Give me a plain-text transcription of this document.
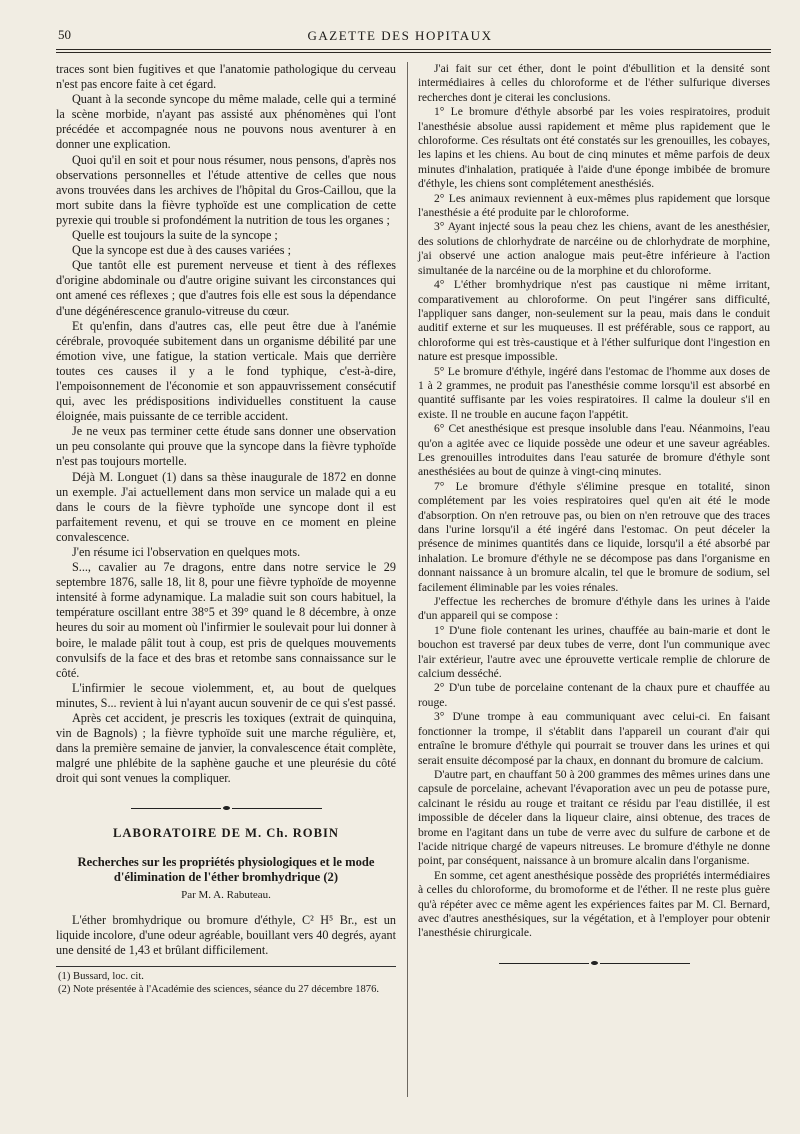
50	GAZETTE DES HOPITAUX

traces sont bien fugitives et que l'anatomie pathologique du cerveau n'est pas encore faite à cet égard.

Quant à la seconde syncope du même malade, celle qui a terminé la scène morbide, n'ayant pas assisté aux phénomènes qui l'ont précédée et accompagnée nous ne pouvons nous aventurer à en donner une explication.

Quoi qu'il en soit et pour nous résumer, nous pensons, d'après nos observations personnelles et l'étude attentive de celles que nous avons trouvées dans les archives de l'hôpital du Gros-Caillou, que la mort subite dans la fièvre typhoïde est une complication de cette pyrexie qui trouble si profondément la nutrition de tous les organes ;

Quelle est toujours la suite de la syncope ;

Que la syncope est due à des causes variées ;

Que tantôt elle est purement nerveuse et tient à des réflexes d'origine abdominale ou d'autre origine suivant les circonstances qui ont amené ces réflexes ; que d'autres fois elle est sous la dépendance d'une dégénérescence granulo-vitreuse du cœur.

Et qu'enfin, dans d'autres cas, elle peut être due à l'anémie cérébrale, provoquée subitement dans un organisme débilité par une émotion vive, une fatigue, la station verticale. Mais que derrière toutes ces causes il y a le fond typhique, c'est-à-dire, l'empoisonnement de l'économie et son appauvrissement consécutif qui, avec les prédispositions individuelles constituent la cause éloignée, mais puissante de ce terrible accident.

Je ne veux pas terminer cette étude sans donner une observation un peu consolante qui prouve que la syncope dans la fièvre typhoïde n'est pas toujours mortelle.

Déjà M. Longuet (1) dans sa thèse inaugurale de 1872 en donne un exemple. J'ai actuellement dans mon service un malade qui a eu dans le cours de la fièvre typhoïde une syncope dont il est parfaitement revenu, et qui se trouve en ce moment en pleine convalescence.

J'en résume ici l'observation en quelques mots.

S..., cavalier au 7e dragons, entre dans notre service le 29 septembre 1876, salle 18, lit 8, pour une fièvre typhoïde de moyenne intensité à forme adynamique. La maladie suit son cours habituel, la température oscillant entre 38°5 et 39° quand le 8 décembre, à onze heures du soir au moment où l'infirmier le soulevait pour lui donner à boire, le malade pâlit tout à coup, est pris de quelques mouvements convulsifs de la face et des bras et retombe sans connaissance sur le côté.

L'infirmier le secoue violemment, et, au bout de quelques minutes, S... revient à lui n'ayant aucun souvenir de ce qui s'est passé.

Après cet accident, je prescris les toxiques (extrait de quinquina, vin de Bagnols) ; la fièvre typhoïde suit une marche régulière, et, dans la première semaine de janvier, la convalescence était complète, malgré une phlébite de la saphène gauche et une pleurésie du côté droit qui sont venues la compliquer.

LABORATOIRE DE M. Ch. ROBIN
Recherches sur les propriétés physiologiques et le mode d'élimination de l'éther bromhydrique (2)
Par M. A. Rabuteau.

L'éther bromhydrique ou bromure d'éthyle, C² H⁵ Br., est un liquide incolore, d'une odeur agréable, bouillant vers 40 degrés, ayant une densité de 1,43 et brûlant difficilement.

(1) Bussard, loc. cit.
(2) Note présentée à l'Académie des sciences, séance du 27 décembre 1876.

J'ai fait sur cet éther, dont le point d'ébullition et la densité sont intermédiaires à celles du chloroforme et de l'éther sulfurique diverses recherches dont je citerai les conclusions.

1° Le bromure d'éthyle absorbé par les voies respiratoires, produit l'anesthésie absolue aussi rapidement et même plus rapidement que le chloroforme. Ces résultats ont été constatés sur les grenouilles, les cobayes, les lapins et les chiens. Au bout de cinq minutes et même parfois de deux minutes d'inhalation, pratiquée à l'aide d'une éponge imbibée de bromure d'éthyle, les chiens sont complétement anesthésiés.

2° Les animaux reviennent à eux-mêmes plus rapidement que lorsque l'anesthésie a été produite par le chloroforme.

3° Ayant injecté sous la peau chez les chiens, avant de les anesthésier, des solutions de chlorhydrate de narcéine ou de chlorhydrate de morphine, j'ai observé une action analogue mais peut-être inférieure à l'action simultanée de la narcéine ou de la morphine et du chloroforme.

4° L'éther bromhydrique n'est pas caustique ni même irritant, comparativement au chloroforme. On peut l'ingérer sans difficulté, l'appliquer sans danger, non-seulement sur la peau, mais dans le conduit auditif externe et sur les muqueuses. Il est préférable, sous ce rapport, au chloroforme qui est très-caustique et à l'éther sulfurique dont l'ingestion en nature est presque impossible.

5° Le bromure d'éthyle, ingéré dans l'estomac de l'homme aux doses de 1 à 2 grammes, ne produit pas l'anesthésie comme lorsqu'il est absorbé en quantité suffisante par les voies respiratoires. Il calme la douleur s'il en existe. Il ne trouble en aucune façon l'appétit.

6° Cet anesthésique est presque insoluble dans l'eau. Néanmoins, l'eau qu'on a agitée avec ce liquide possède une odeur et une saveur agréables. Les grenouilles introduites dans l'eau saturée de bromure d'éthyle sont anesthésiées au bout de quinze à vingt-cinq minutes.

7° Le bromure d'éthyle s'élimine presque en totalité, sinon complétement par les voies respiratoires quel qu'en ait été le mode d'absorption. On n'en retrouve pas, ou bien on n'en retrouve que des traces dans l'urine lorsqu'il a été ingéré dans l'estomac. On peut déceler la présence de minimes quantités dans ce liquide, lorsqu'il a été absorbé par inhalation. Le bromure d'éthyle ne se décompose pas dans l'organisme en donnant naissance à un bromure alcalin, tel que le bromure de sodium, sel facilement éliminable par les voies rénales.

J'effectue les recherches de bromure d'éthyle dans les urines à l'aide d'un appareil qui se compose :

1° D'une fiole contenant les urines, chauffée au bain-marie et dont le bouchon est traversé par deux tubes de verre, dont l'un communique avec l'air extérieur, l'autre avec une éprouvette verticale remplie de chlorure de calcium desséché.

2° D'un tube de porcelaine contenant de la chaux pure et chauffée au rouge.

3° D'une trompe à eau communiquant avec celui-ci. En faisant fonctionner la trompe, il s'établit dans l'appareil un courant d'air qui entraîne le bromure d'éthyle qui pourrait se trouver dans les urines et qui serait ensuite décomposé par la chaux, en donnant du bromure de calcium.

D'autre part, en chauffant 50 à 200 grammes des mêmes urines dans une capsule de porcelaine, achevant l'évaporation avec un peu de potasse pure, calcinant le résidu au rouge et traitant ce résidu par l'eau distillée, il est impossible de déceler dans la liqueur claire, ainsi obtenue, des traces de brome en l'agitant dans un tube de verre avec du sulfure de carbone et de l'acide nitrique chargé de vapeurs nitreuses. Le bromure d'éthyle ne donne point, par conséquent, naissance à un bromure alcalin dans l'organisme.

En somme, cet agent anesthésique possède des propriétés intermédiaires à celles du chloroforme, du bromoforme et de l'éther. Il ne reste plus guère qu'à répéter avec ce même agent les expériences faites par M. Cl. Bernard, avec d'autres anesthésiques, sur la végétation, et à l'employer pour obtenir l'anesthésie chirurgicale.
